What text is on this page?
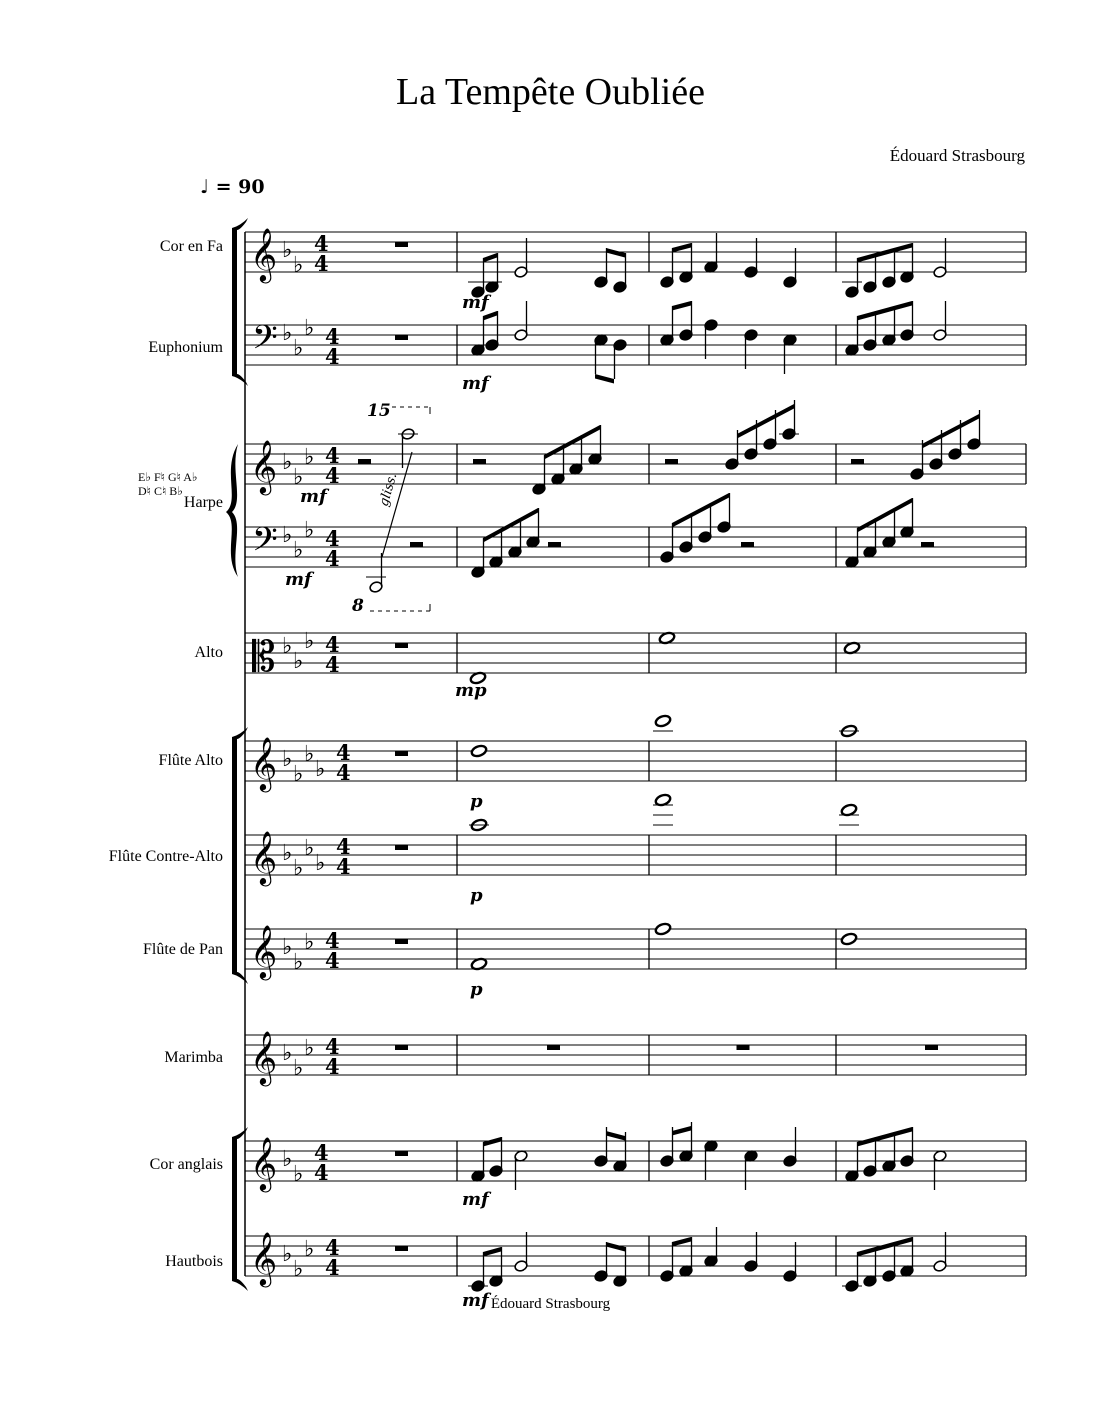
La Tempête Oubliée
Édouard Strasbourg
♩ = 90
Cor en Fa
Euphonium
E♭ F♮ G♮ A♭
D♮ C♮ B♭
Harpe
Alto
Flûte Alto
Flûte Contre-Alto
Flûte de Pan
Marimba
Cor anglais
Hautbois
𝄞 ♭
♭
4
4
𝄢 ♭
♭
♭ 4
4
𝄞 ♭
♭
♭ 4
4
𝄢 ♭
♭
♭ 4
4
𝄡 ♭
♭
♭ 4
4
𝄞 ♭
♭
♭
♭
4
4
𝄞 ♭
♭
♭
♭
4
4
𝄞 ♭
♭
♭ 4
4
𝄞 ♭
♭
♭ 4
4
𝄞 ♭
♭
4
4
𝄞 ♭
♭
♭ 4
4
mf
mf
15
mf	gliss.
8
mf
mp
p
p
p
mf
mf Édouard Strasbourg
